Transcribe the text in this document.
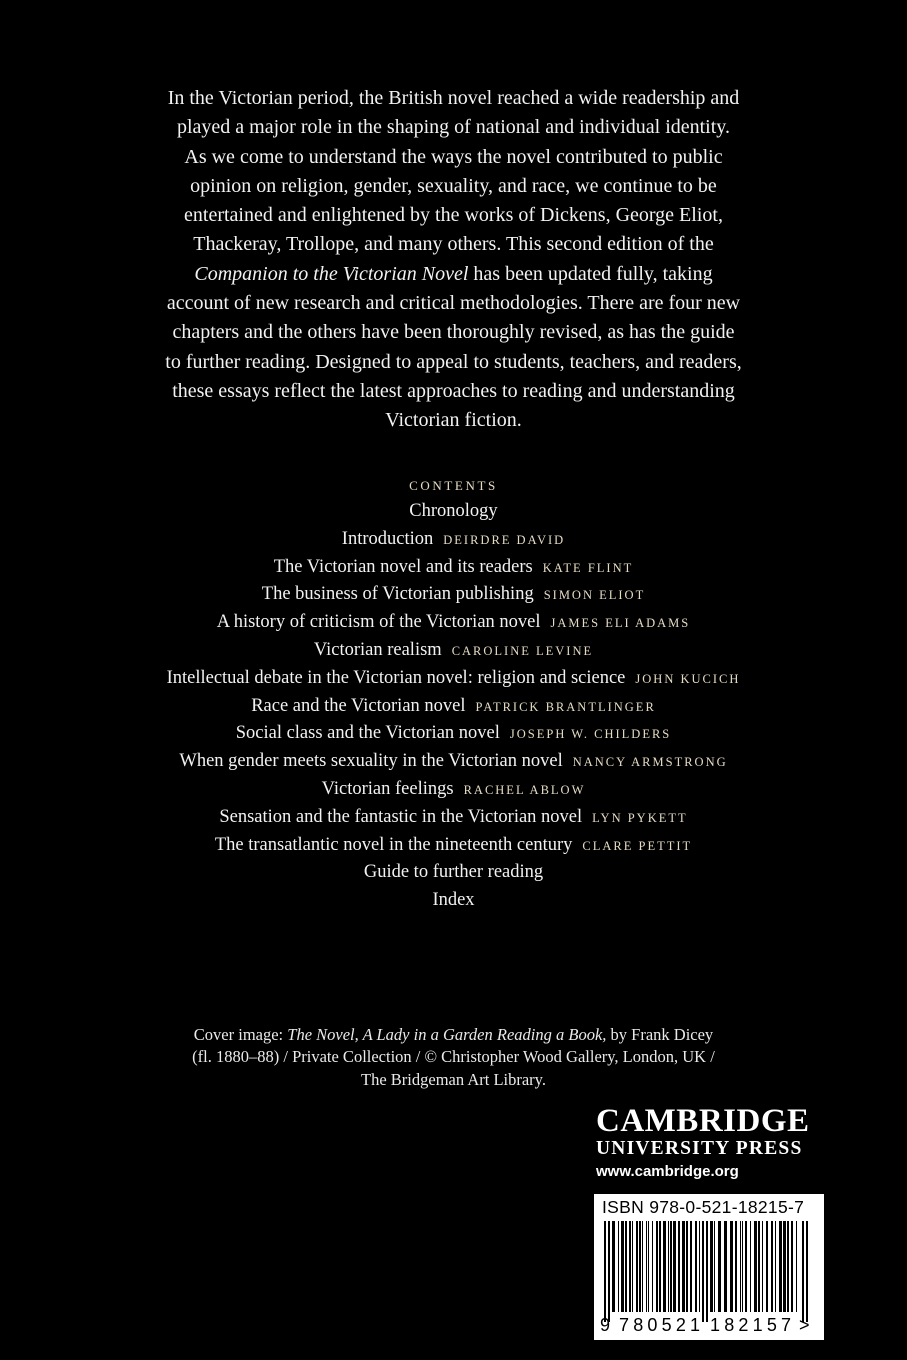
In the Victorian period, the British novel reached a wide readership and
played a major role in the shaping of national and individual identity.
As we come to understand the ways the novel contributed to public
opinion on religion, gender, sexuality, and race, we continue to be
entertained and enlightened by the works of Dickens, George Eliot,
Thackeray, Trollope, and many others. This second edition of the
Companion to the Victorian Novel has been updated fully, taking
account of new research and critical methodologies. There are four new
chapters and the others have been thoroughly revised, as has the guide
to further reading. Designed to appeal to students, teachers, and readers,
these essays reflect the latest approaches to reading and understanding
Victorian fiction.
CONTENTS
Chronology
Introduction DEIRDRE DAVID
The Victorian novel and its readers KATE FLINT
The business of Victorian publishing SIMON ELIOT
A history of criticism of the Victorian novel JAMES ELI ADAMS
Victorian realism CAROLINE LEVINE
Intellectual debate in the Victorian novel: religion and science JOHN KUCICH
Race and the Victorian novel PATRICK BRANTLINGER
Social class and the Victorian novel JOSEPH W. CHILDERS
When gender meets sexuality in the Victorian novel NANCY ARMSTRONG
Victorian feelings RACHEL ABLOW
Sensation and the fantastic in the Victorian novel LYN PYKETT
The transatlantic novel in the nineteenth century CLARE PETTIT
Guide to further reading
Index
Cover image: The Novel, A Lady in a Garden Reading a Book, by Frank Dicey
(fl. 1880–88) / Private Collection / © Christopher Wood Gallery, London, UK /
The Bridgeman Art Library.
CAMBRIDGE
UNIVERSITY PRESS
www.cambridge.org
ISBN 978-0-521-18215-7
9 780521 182157 >
